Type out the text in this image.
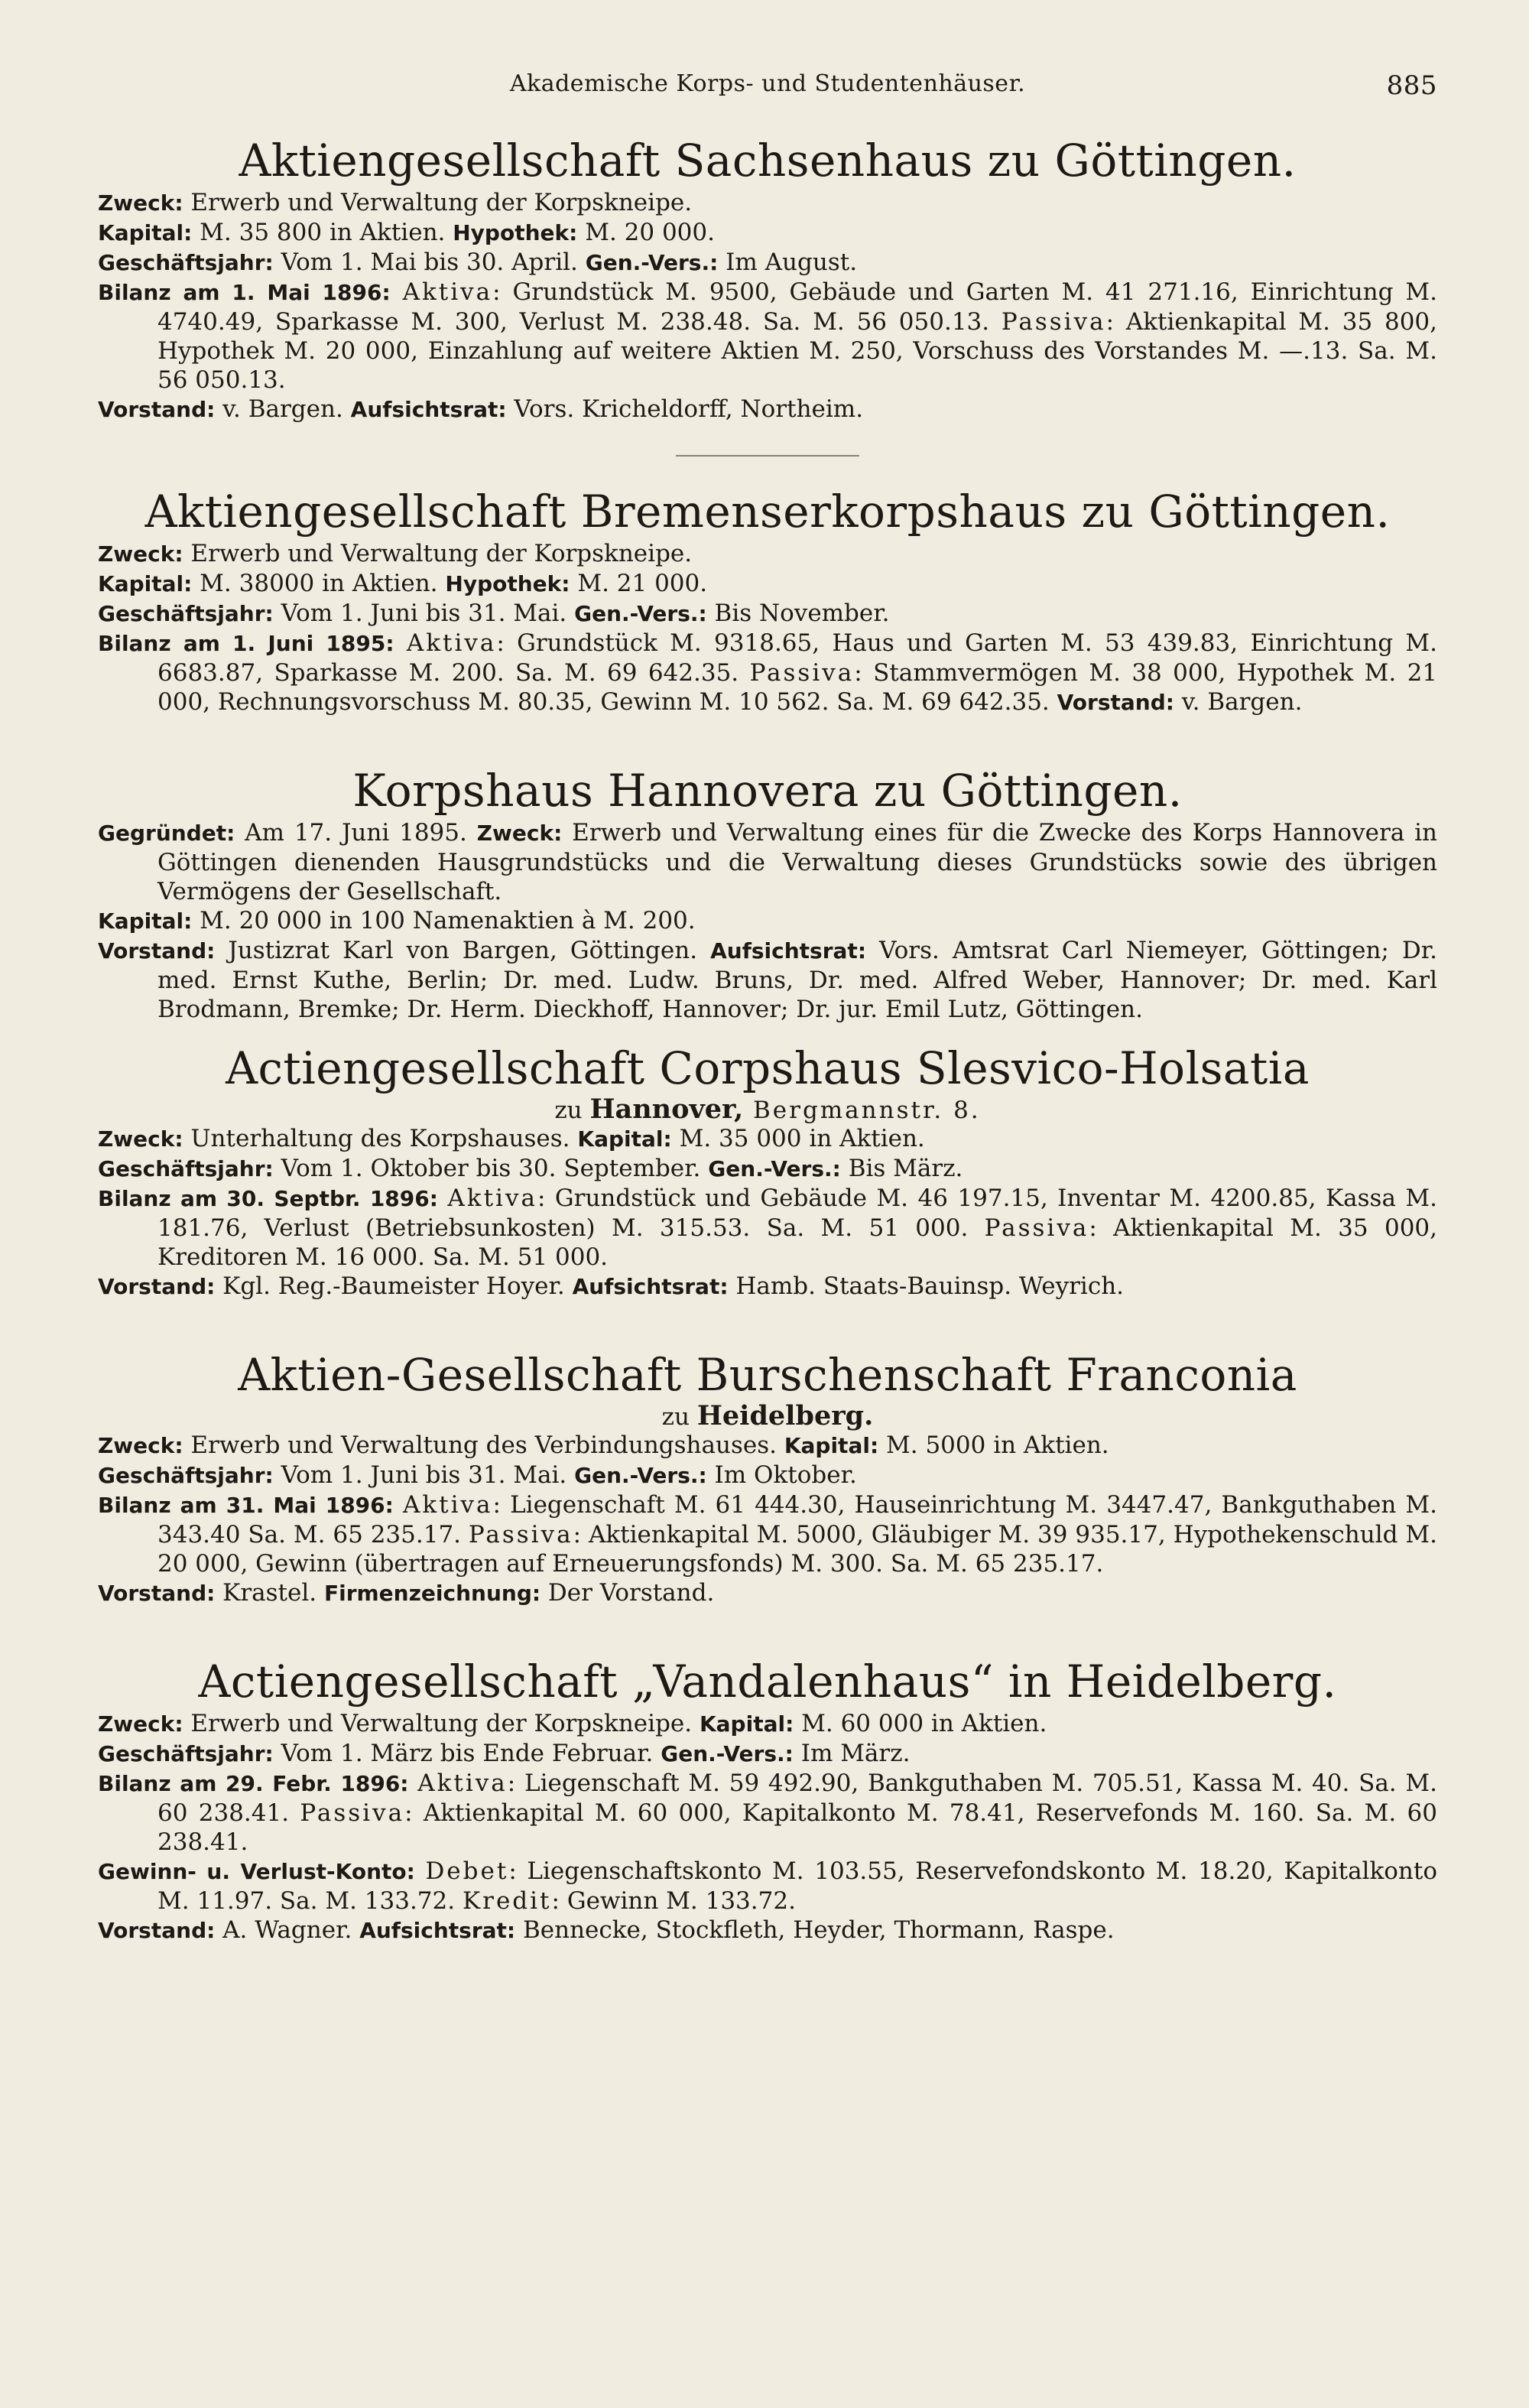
Akademische Korps- und Studentenhäuser.	885
Aktiengesellschaft Sachsenhaus zu Göttingen.

Zweck: Erwerb und Verwaltung der Korpskneipe.

Kapital: M. 35 800 in Aktien. Hypothek: M. 20 000.

Geschäftsjahr: Vom 1. Mai bis 30. April. Gen.-Vers.: Im August.

Bilanz am 1. Mai 1896: Aktiva: Grundstück M. 9500, Gebäude und Garten M. 41 271.16, Einrichtung M. 4740.49, Sparkasse M. 300, Verlust M. 238.48. Sa. M. 56 050.13. Passiva: Aktienkapital M. 35 800, Hypothek M. 20 000, Einzahlung auf weitere Aktien M. 250, Vorschuss des Vorstandes M. —.13. Sa. M. 56 050.13.

Vorstand: v. Bargen. Aufsichtsrat: Vors. Kricheldorff, Northeim.

Aktiengesellschaft Bremenserkorpshaus zu Göttingen.

Zweck: Erwerb und Verwaltung der Korpskneipe.

Kapital: M. 38000 in Aktien. Hypothek: M. 21 000.

Geschäftsjahr: Vom 1. Juni bis 31. Mai. Gen.-Vers.: Bis November.

Bilanz am 1. Juni 1895: Aktiva: Grundstück M. 9318.65, Haus und Garten M. 53 439.83, Einrichtung M. 6683.87, Sparkasse M. 200. Sa. M. 69 642.35. Passiva: Stammvermögen M. 38 000, Hypothek M. 21 000, Rechnungsvorschuss M. 80.35, Gewinn M. 10 562. Sa. M. 69 642.35. Vorstand: v. Bargen.

Korpshaus Hannovera zu Göttingen.

Gegründet: Am 17. Juni 1895. Zweck: Erwerb und Verwaltung eines für die Zwecke des Korps Hannovera in Göttingen dienenden Hausgrundstücks und die Verwaltung dieses Grundstücks sowie des übrigen Vermögens der Gesellschaft.

Kapital: M. 20 000 in 100 Namenaktien à M. 200.

Vorstand: Justizrat Karl von Bargen, Göttingen. Aufsichtsrat: Vors. Amtsrat Carl Niemeyer, Göttingen; Dr. med. Ernst Kuthe, Berlin; Dr. med. Ludw. Bruns, Dr. med. Alfred Weber, Hannover; Dr. med. Karl Brodmann, Bremke; Dr. Herm. Dieckhoff, Hannover; Dr. jur. Emil Lutz, Göttingen.

Actiengesellschaft Corpshaus Slesvico-Holsatia

zu Hannover, Bergmannstr. 8.

Zweck: Unterhaltung des Korpshauses. Kapital: M. 35 000 in Aktien.

Geschäftsjahr: Vom 1. Oktober bis 30. September. Gen.-Vers.: Bis März.

Bilanz am 30. Septbr. 1896: Aktiva: Grundstück und Gebäude M. 46 197.15, Inventar M. 4200.85, Kassa M. 181.76, Verlust (Betriebsunkosten) M. 315.53. Sa. M. 51 000. Passiva: Aktienkapital M. 35 000, Kreditoren M. 16 000. Sa. M. 51 000.

Vorstand: Kgl. Reg.-Baumeister Hoyer. Aufsichtsrat: Hamb. Staats-Bauinsp. Weyrich.

Aktien-Gesellschaft Burschenschaft Franconia

zu Heidelberg.

Zweck: Erwerb und Verwaltung des Verbindungshauses. Kapital: M. 5000 in Aktien.

Geschäftsjahr: Vom 1. Juni bis 31. Mai. Gen.-Vers.: Im Oktober.

Bilanz am 31. Mai 1896: Aktiva: Liegenschaft M. 61 444.30, Hauseinrichtung M. 3447.47, Bankguthaben M. 343.40 Sa. M. 65 235.17. Passiva: Aktienkapital M. 5000, Gläubiger M. 39 935.17, Hypothekenschuld M. 20 000, Gewinn (übertragen auf Erneuerungsfonds) M. 300. Sa. M. 65 235.17.

Vorstand: Krastel. Firmenzeichnung: Der Vorstand.

Actiengesellschaft „Vandalenhaus“ in Heidelberg.

Zweck: Erwerb und Verwaltung der Korpskneipe. Kapital: M. 60 000 in Aktien.

Geschäftsjahr: Vom 1. März bis Ende Februar. Gen.-Vers.: Im März.

Bilanz am 29. Febr. 1896: Aktiva: Liegenschaft M. 59 492.90, Bankguthaben M. 705.51, Kassa M. 40. Sa. M. 60 238.41. Passiva: Aktienkapital M. 60 000, Kapitalkonto M. 78.41, Reservefonds M. 160. Sa. M. 60 238.41.

Gewinn- u. Verlust-Konto: Debet: Liegenschaftskonto M. 103.55, Reservefondskonto M. 18.20, Kapitalkonto M. 11.97. Sa. M. 133.72. Kredit: Gewinn M. 133.72.

Vorstand: A. Wagner. Aufsichtsrat: Bennecke, Stockfleth, Heyder, Thormann, Raspe.
